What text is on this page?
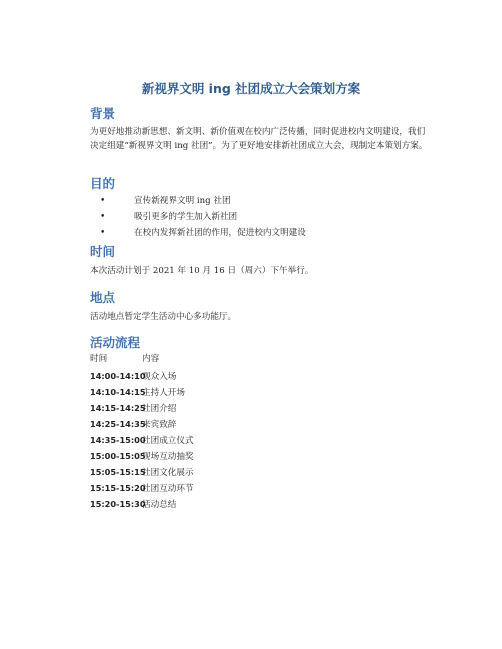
新视界文明 ing 社团成立大会策划方案
背景
为更好地推动新思想、新文明、新价值观在校内广泛传播，同时促进校内文明建设，我们决定组建“新视界文明 ing 社团”。为了更好地安排新社团成立大会，现制定本策划方案。
目的
•	宣传新视界文明 ing 社团
•	吸引更多的学生加入新社团
•	在校内发挥新社团的作用，促进校内文明建设
时间
本次活动计划于 2021 年 10 月 16 日（周六）下午举行。
地点
活动地点暂定学生活动中心多功能厅。
活动流程
时间	内容
14:00-14:10观众入场
14:10-14:15主持人开场
14:15-14:25社团介绍
14:25-14:35来宾致辞
14:35-15:00社团成立仪式
15:00-15:05现场互动抽奖
15:05-15:15社团文化展示
15:15-15:20社团互动环节
15:20-15:30活动总结
